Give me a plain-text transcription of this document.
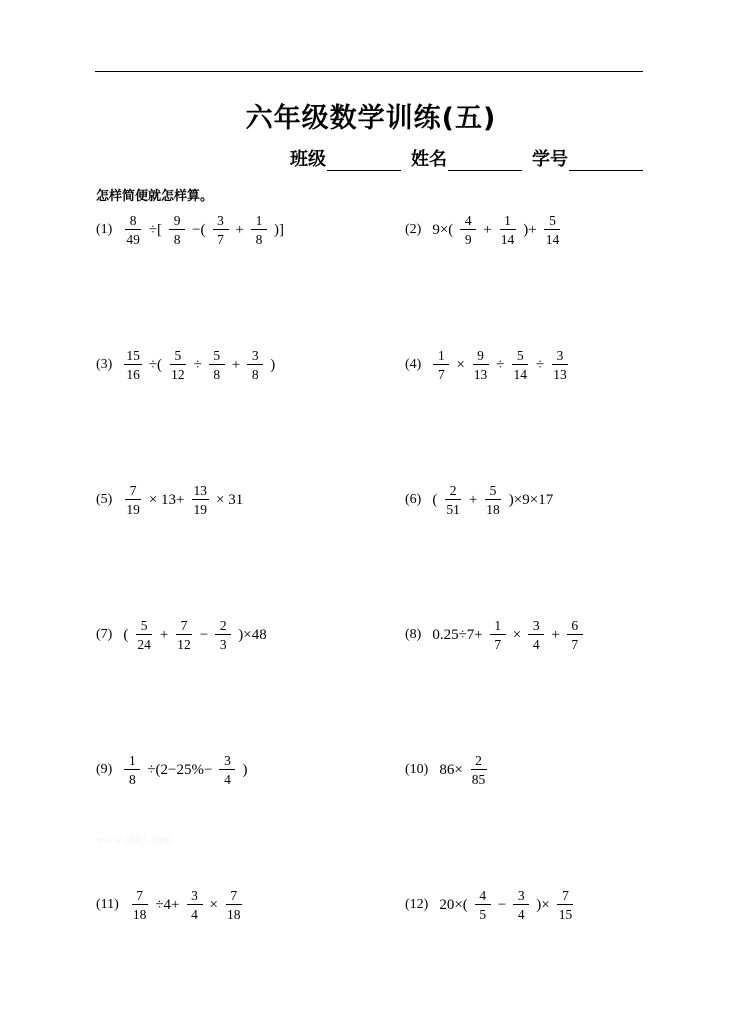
六年级数学训练(五)
班级	姓名	学号
怎样简便就怎样算。
$(1) \frac{8}{49}$ ÷[ $\frac{9}{8}$ −( $\frac{3}{7} + \frac{1}{8}$ )]	(2) $9\times( \frac{4}{9} + \frac{1}{14}$ )+ $\frac{5}{14}$
$(3) \frac{15}{16}$ ÷( $\frac{5}{12} \div \frac{5}{8} + \frac{3}{8}$ )	$(4) \frac{1}{7} \times \frac{9}{13} \div \frac{5}{14} \div \frac{3}{13}$
$(5) \frac{7}{19} \times 13+ \frac{13}{19} \times 31$	(6) ( $\frac{2}{51} + \frac{5}{18} )\times 9\times 17$
(7) ( $\frac{5}{24} + \frac{7}{12} - \frac{2}{3} )\times 48$	(8) $0.25\div 7+ \frac{1}{7} \times \frac{3}{4} + \frac{6}{7}$
$(9) \frac{1}{8} \div(2-25\%- \frac{3}{4}$ )	(10) $86\times \frac{2}{85}$
$(11) \frac{7}{18} \div 4+ \frac{3}{4} \times \frac{7}{18}$	(12) $20\times( \frac{4}{5} - \frac{3}{4}$ )× $\frac{7}{15}$
www.xkb1.com
